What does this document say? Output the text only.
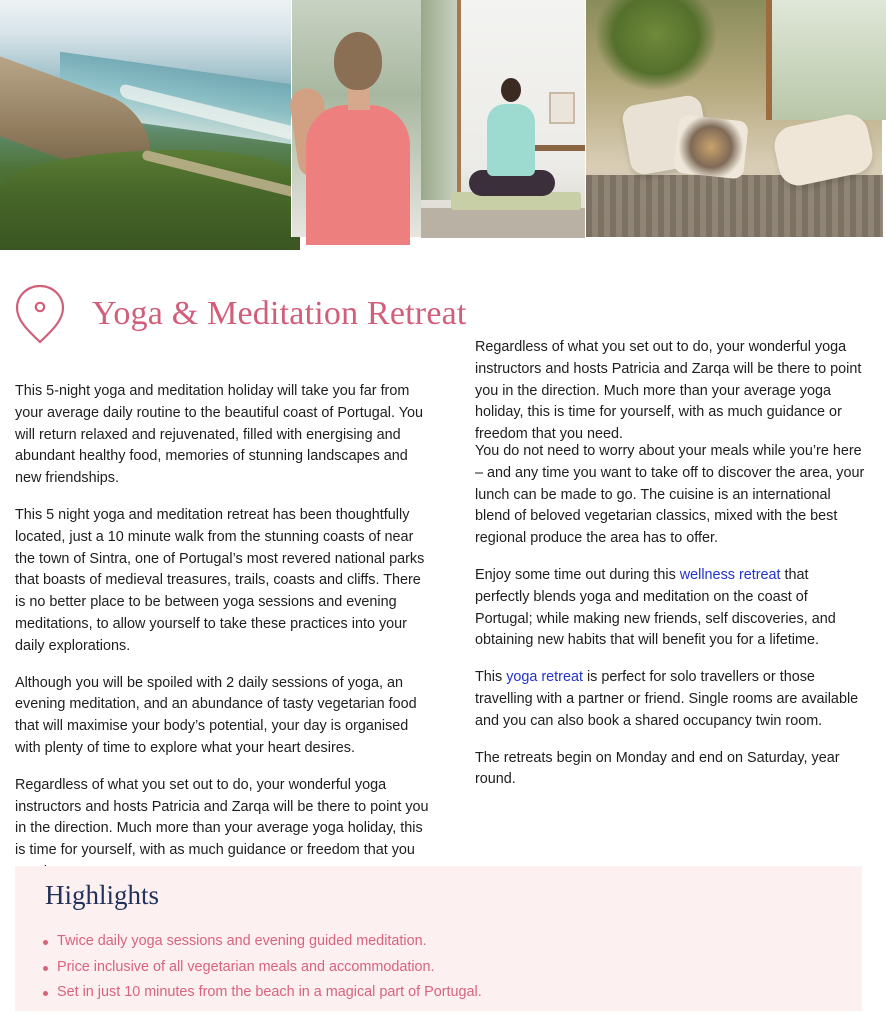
Yoga & Meditation Retreat

This 5-night yoga and meditation holiday will take you far from your average daily routine to the beautiful coast of Portugal. You will return relaxed and rejuvenated, filled with energising and abundant healthy food, memories of stunning landscapes and new friendships.

This 5 night yoga and meditation retreat has been thoughtfully located, just a 10 minute walk from the stunning coasts of near the town of Sintra, one of Portugal’s most revered national parks that boasts of medieval treasures, trails, coasts and cliffs. There is no better place to be between yoga sessions and evening meditations, to allow yourself to take these practices into your daily explorations.

Although you will be spoiled with 2 daily sessions of yoga, an evening meditation, and an abundance of tasty vegetarian food that will maximise your body’s potential, your day is organised with plenty of time to explore what your heart desires.

Regardless of what you set out to do, your wonderful yoga instructors and hosts Patricia and Zarqa will be there to point you in the direction. Much more than your average yoga holiday, this is time for yourself, with as much guidance or freedom that you

Regardless of what you set out to do, your wonderful yoga instructors and hosts Patricia and Zarqa will be there to point you in the direction. Much more than your average yoga holiday, this is time for yourself, with as much guidance or freedom that you need.

You do not need to worry about your meals while you’re here – and any time you want to take off to discover the area, your lunch can be made to go. The cuisine is an international blend of beloved vegetarian classics, mixed with the best regional produce the area has to offer.

Enjoy some time out during this wellness retreat that perfectly blends yoga and meditation on the coast of Portugal; while making new friends, self discoveries, and obtaining new habits that will benefit you for a lifetime.

This yoga retreat is perfect for solo travellers or those travelling with a partner or friend. Single rooms are available and you can also book a shared occupancy twin room.

The retreats begin on Monday and end on Saturday, year round.

Highlights
Twice daily yoga sessions and evening guided meditation.
Price inclusive of all vegetarian meals and accommodation.
Set in just 10 minutes from the beach in a magical part of Portugal.
